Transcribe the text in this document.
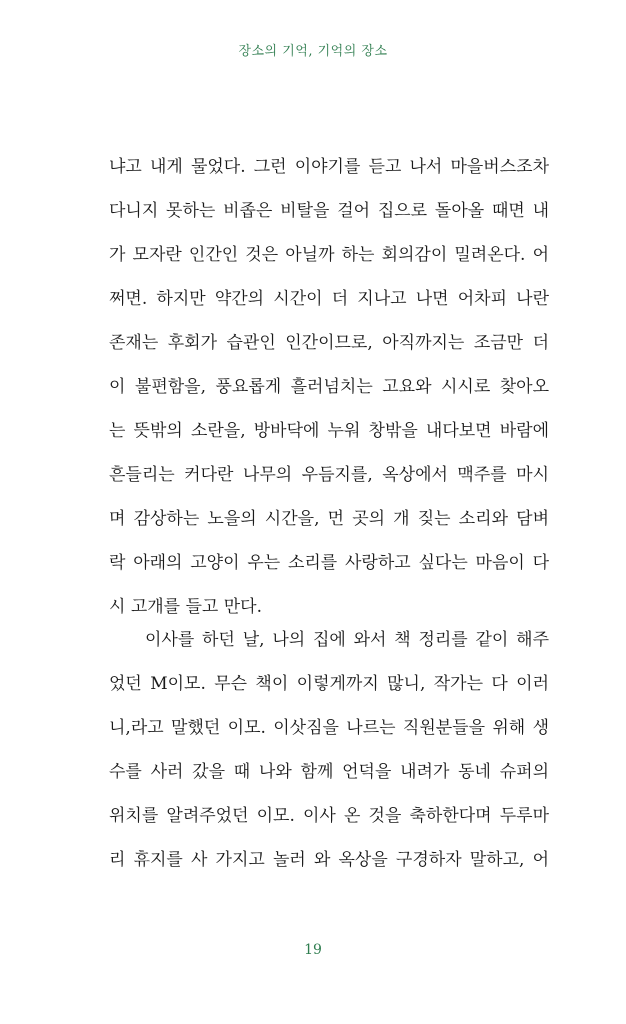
장소의 기억, 기억의 장소
냐고 내게 물었다. 그런 이야기를 듣고 나서 마을버스조차
다니지 못하는 비좁은 비탈을 걸어 집으로 돌아올 때면 내
가 모자란 인간인 것은 아닐까 하는 회의감이 밀려온다. 어
쩌면. 하지만 약간의 시간이 더 지나고 나면 어차피 나란
존재는 후회가 습관인 인간이므로, 아직까지는 조금만 더
이 불편함을, 풍요롭게 흘러넘치는 고요와 시시로 찾아오
는 뜻밖의 소란을, 방바닥에 누워 창밖을 내다보면 바람에
흔들리는 커다란 나무의 우듬지를, 옥상에서 맥주를 마시
며 감상하는 노을의 시간을, 먼 곳의 개 짖는 소리와 담벼
락 아래의 고양이 우는 소리를 사랑하고 싶다는 마음이 다
시 고개를 들고 만다.
이사를 하던 날, 나의 집에 와서 책 정리를 같이 해주
었던 M이모. 무슨 책이 이렇게까지 많니, 작가는 다 이러
니,라고 말했던 이모. 이삿짐을 나르는 직원분들을 위해 생
수를 사러 갔을 때 나와 함께 언덕을 내려가 동네 슈퍼의
위치를 알려주었던 이모. 이사 온 것을 축하한다며 두루마
리 휴지를 사 가지고 놀러 와 옥상을 구경하자 말하고, 어
19
